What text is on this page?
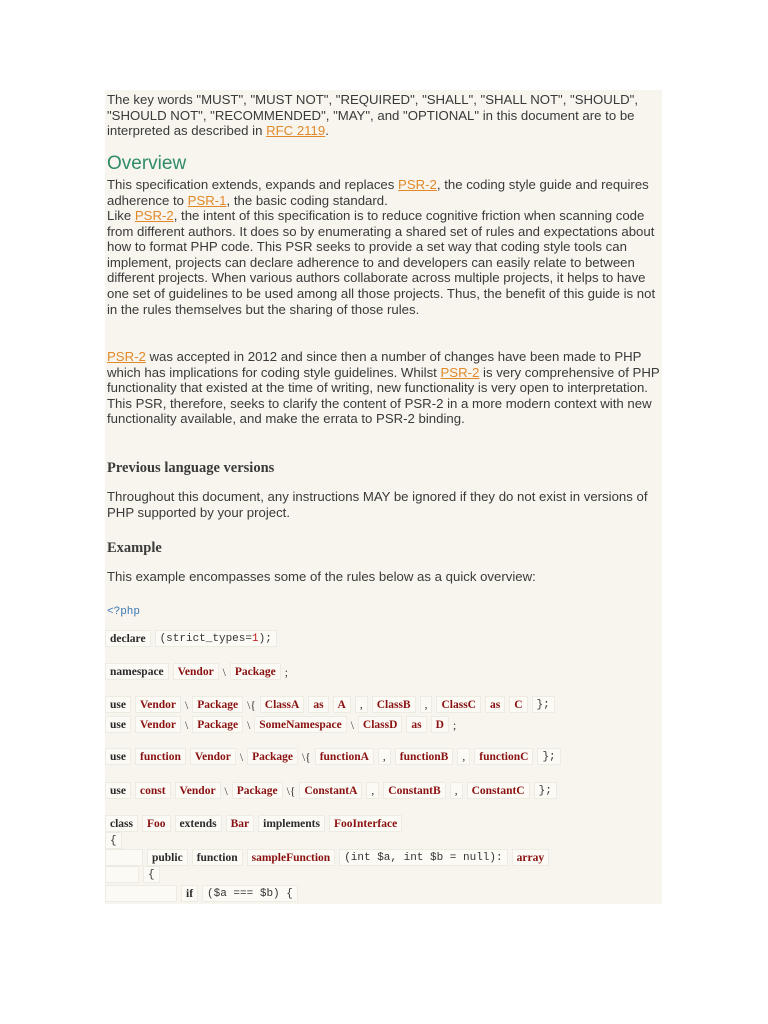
The key words "MUST", "MUST NOT", "REQUIRED", "SHALL", "SHALL NOT", "SHOULD", "SHOULD NOT", "RECOMMENDED", "MAY", and "OPTIONAL" in this document are to be interpreted as described in RFC 2119.

Overview

This specification extends, expands and replaces PSR-2, the coding style guide and requires adherence to PSR-1, the basic coding standard.

Like PSR-2, the intent of this specification is to reduce cognitive friction when scanning code from different authors. It does so by enumerating a shared set of rules and expectations about how to format PHP code. This PSR seeks to provide a set way that coding style tools can implement, projects can declare adherence to and developers can easily relate to between different projects. When various authors collaborate across multiple projects, it helps to have one set of guidelines to be used among all those projects. Thus, the benefit of this guide is not in the rules themselves but the sharing of those rules.

PSR-2 was accepted in 2012 and since then a number of changes have been made to PHP which has implications for coding style guidelines. Whilst PSR-2 is very comprehensive of PHP functionality that existed at the time of writing, new functionality is very open to interpretation. This PSR, therefore, seeks to clarify the content of PSR-2 in a more modern context with new functionality available, and make the errata to PSR-2 binding.

Previous language versions

Throughout this document, any instructions MAY be ignored if they do not exist in versions of PHP supported by your project.

Example

This example encompasses some of the rules below as a quick overview:

<?php
declare (strict_types=1);
namespace Vendor \ Package ;
use Vendor \ Package \{ ClassA as A , ClassB , ClassC as C };
use Vendor \ Package \ SomeNamespace \ ClassD as D ;
use function Vendor \ Package \{ functionA , functionB , functionC };
use const Vendor \ Package \{ ConstantA , ConstantB , ConstantC };
class Foo extends Bar implements FooInterface
{
public function sampleFunction (int $a, int $b = null): array
{
if ($a === $b) {
